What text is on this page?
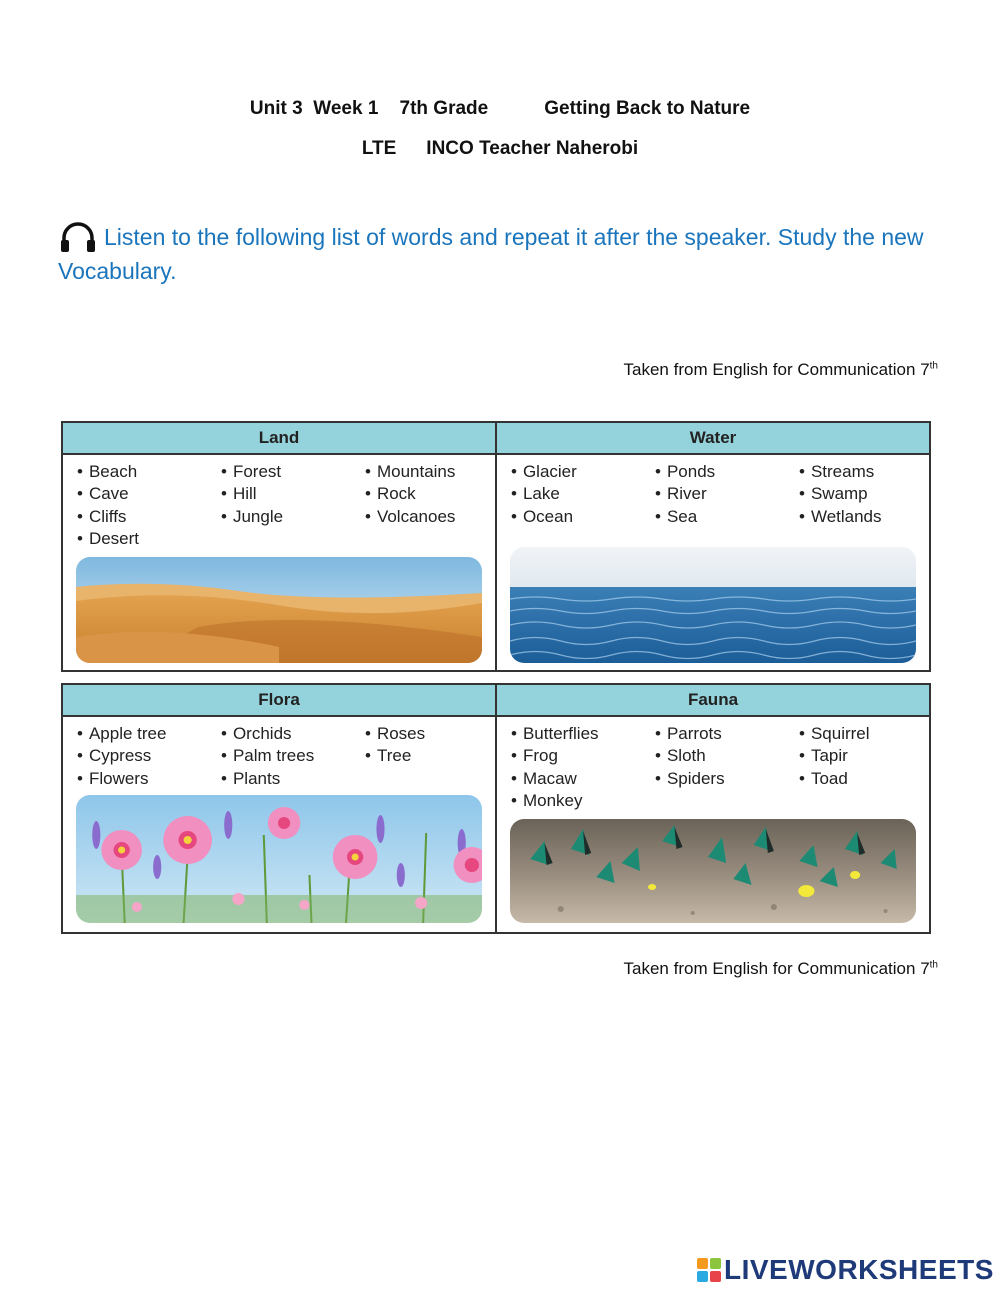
Unit 3 Week 1 7th Grade	Getting Back to Nature
LTE INCO Teacher Naherobi
Listen to the following list of words and repeat it after the speaker. Study the new Vocabulary.
Taken from English for Communication 7th
Land
• Beach
• Cave
• Cliffs
• Desert
• Forest
• Hill
• Jungle
• Mountains
• Rock
• Volcanoes
Water
• Glacier
• Lake
• Ocean
• Ponds
• River
• Sea
• Streams
• Swamp
• Wetlands
Flora
• Apple tree
• Cypress
• Flowers
• Orchids
• Palm trees
• Plants
• Roses
• Tree
Fauna
• Butterflies
• Frog
• Macaw
• Monkey
• Parrots
• Sloth
• Spiders
• Squirrel
• Tapir
• Toad
Taken from English for Communication 7th
LIVEWORKSHEETS
